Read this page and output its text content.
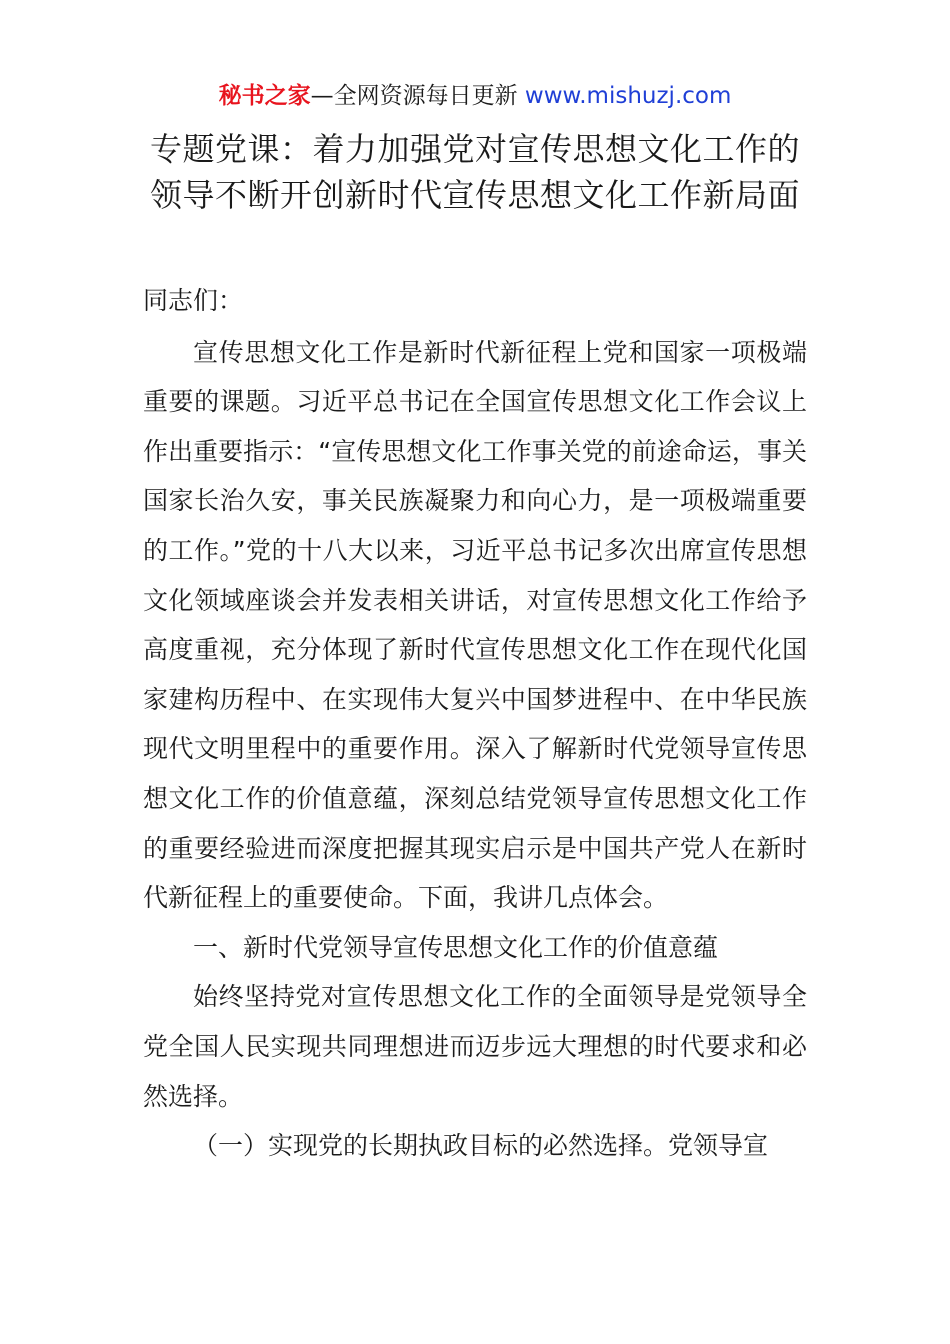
秘书之家—全网资源每日更新 www.mishuzj.com
专题党课：着力加强党对宣传思想文化工作的
领导不断开创新时代宣传思想文化工作新局面

同志们：

宣传思想文化工作是新时代新征程上党和国家一项极端重要的课题。习近平总书记在全国宣传思想文化工作会议上作出重要指示：“宣传思想文化工作事关党的前途命运，事关国家长治久安，事关民族凝聚力和向心力，是一项极端重要的工作。”党的十八大以来，习近平总书记多次出席宣传思想文化领域座谈会并发表相关讲话，对宣传思想文化工作给予高度重视，充分体现了新时代宣传思想文化工作在现代化国家建构历程中、在实现伟大复兴中国梦进程中、在中华民族现代文明里程中的重要作用。深入了解新时代党领导宣传思想文化工作的价值意蕴，深刻总结党领导宣传思想文化工作的重要经验进而深度把握其现实启示是中国共产党人在新时代新征程上的重要使命。下面，我讲几点体会。

一、新时代党领导宣传思想文化工作的价值意蕴

始终坚持党对宣传思想文化工作的全面领导是党领导全党全国人民实现共同理想进而迈步远大理想的时代要求和必然选择。

（一）实现党的长期执政目标的必然选择。党领导宣
